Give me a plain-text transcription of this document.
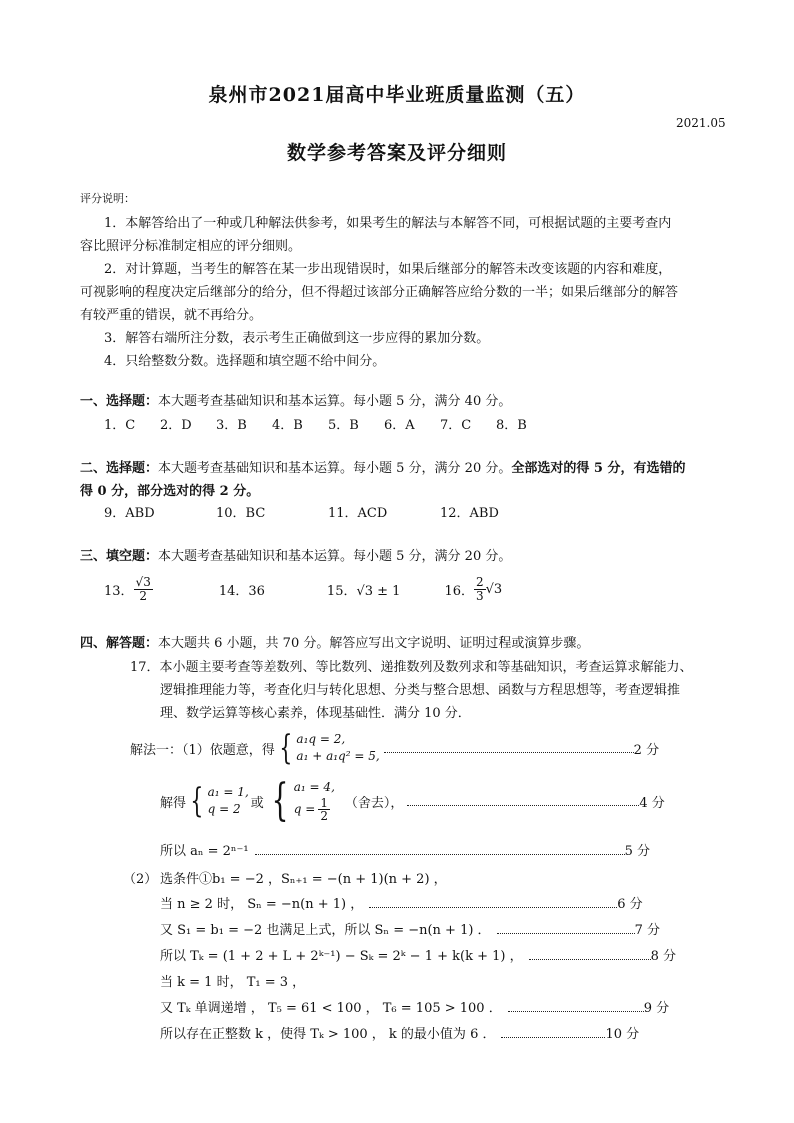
泉州市2021届高中毕业班质量监测（五）
2021.05
数学参考答案及评分细则
评分说明：
1．本解答给出了一种或几种解法供参考，如果考生的解法与本解答不同，可根据试题的主要考查内
容比照评分标准制定相应的评分细则。
2．对计算题，当考生的解答在某一步出现错误时，如果后继部分的解答未改变该题的内容和难度，
可视影响的程度决定后继部分的给分，但不得超过该部分正确解答应给分数的一半；如果后继部分的解答
有较严重的错误，就不再给分。
3．解答右端所注分数，表示考生正确做到这一步应得的累加分数。
4．只给整数分数。选择题和填空题不给中间分。
一、选择题：本大题考查基础知识和基本运算。每小题 5 分，满分 40 分。
1．C 2．D 3．B 4．B 5．B 6．A 7．C 8．B
二、选择题：本大题考查基础知识和基本运算。每小题 5 分，满分 20 分。全部选对的得 5 分，有选错的
得 0 分，部分选对的得 2 分。
9．ABD	10．BC	11．ACD	12．ABD
三、填空题：本大题考查基础知识和基本运算。每小题 5 分，满分 20 分。
13． $\frac{√3}{2}$	14．36	15．√3 ± 1	16． $\frac{2}{3} √3$
四、解答题：本大题共 6 小题，共 70 分。解答应写出文字说明、证明过程或演算步骤。
17．本小题主要考查等差数列、等比数列、递推数列及数列求和等基础知识，考查运算求解能力、
逻辑推理能力等，考查化归与转化思想、分类与整合思想、函数与方程思想等，考查逻辑推
理、数学运算等核心素养，体现基础性．满分 10 分．
解法一：（1）依题意，得 { a₁q = 2,
a₁ + a₁q² = 5,	2 分
解得 { a₁ = 1,
q = 2 或 { a₁ = 4,
$q = \frac{1}{2}$ （舍去），	4 分
所以 aₙ = 2ⁿ⁻¹	5 分
（2） 选条件①b₁ = −2 ，Sₙ₊₁ = −(n + 1)(n + 2) ，
当 n ≥ 2 时， Sₙ = −n(n + 1) ，	6 分
又 S₁ = b₁ = −2 也满足上式，所以 Sₙ = −n(n + 1) ．	7 分
所以 Tₖ = (1 + 2 + L + 2ᵏ⁻¹) − Sₖ = 2ᵏ − 1 + k(k + 1) ，	8 分
当 k = 1 时， T₁ = 3 ，
又 Tₖ 单调递增 ， T₅ = 61 < 100 ， T₆ = 105 > 100 ．	9 分
所以存在正整数 k ，使得 Tₖ > 100 ， k 的最小值为 6 ．	10 分
